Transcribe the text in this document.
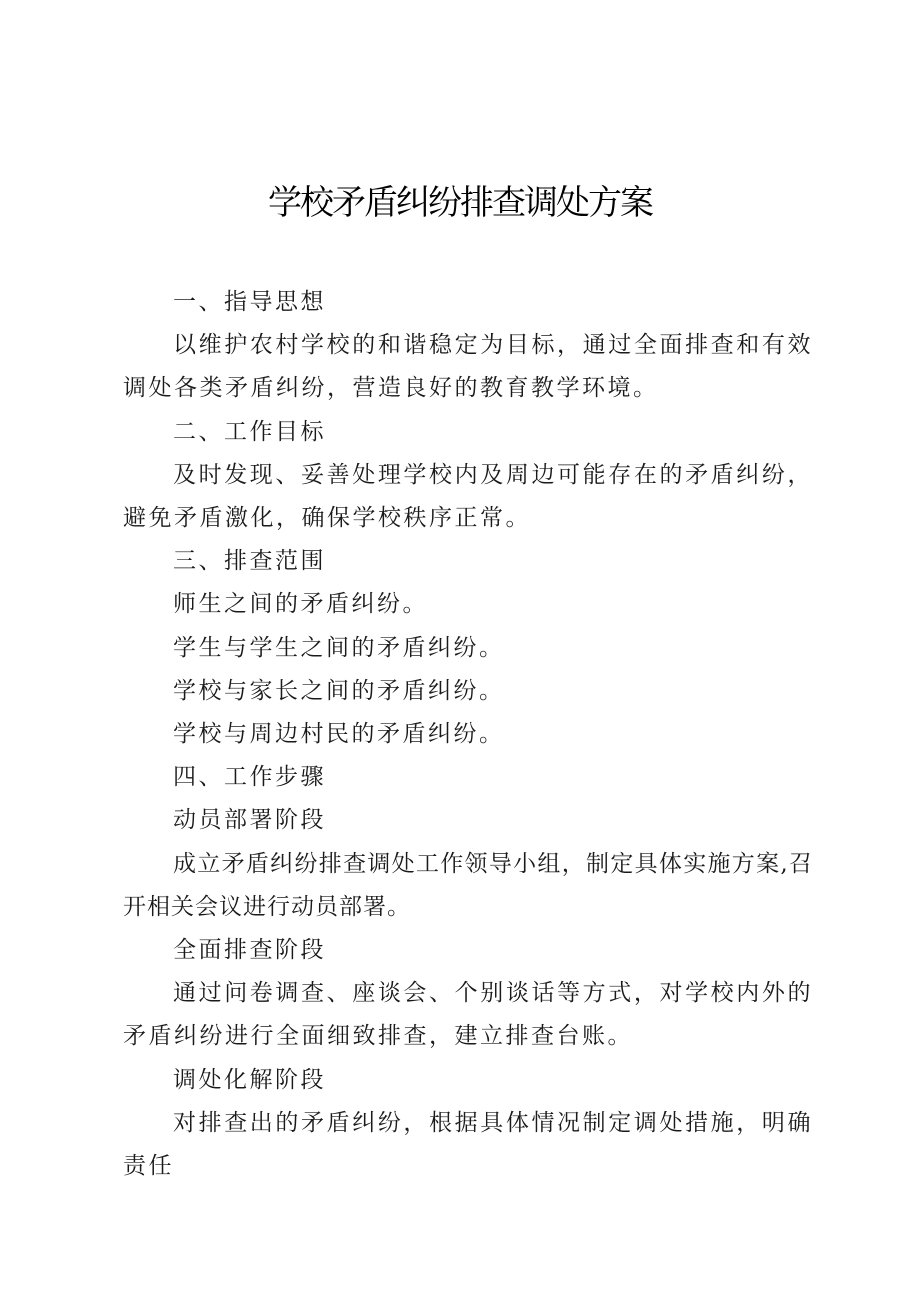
学校矛盾纠纷排查调处方案

一、指导思想

以维护农村学校的和谐稳定为目标，通过全面排查和有效调处各类矛盾纠纷，营造良好的教育教学环境。

二、工作目标

及时发现、妥善处理学校内及周边可能存在的矛盾纠纷，避免矛盾激化，确保学校秩序正常。

三、排查范围

师生之间的矛盾纠纷。

学生与学生之间的矛盾纠纷。

学校与家长之间的矛盾纠纷。

学校与周边村民的矛盾纠纷。

四、工作步骤

动员部署阶段

成立矛盾纠纷排查调处工作领导小组，制定具体实施方案,召开相关会议进行动员部署。

全面排查阶段

通过问卷调查、座谈会、个别谈话等方式，对学校内外的矛盾纠纷进行全面细致排查，建立排查台账。

调处化解阶段

对排查出的矛盾纠纷，根据具体情况制定调处措施，明确责任
